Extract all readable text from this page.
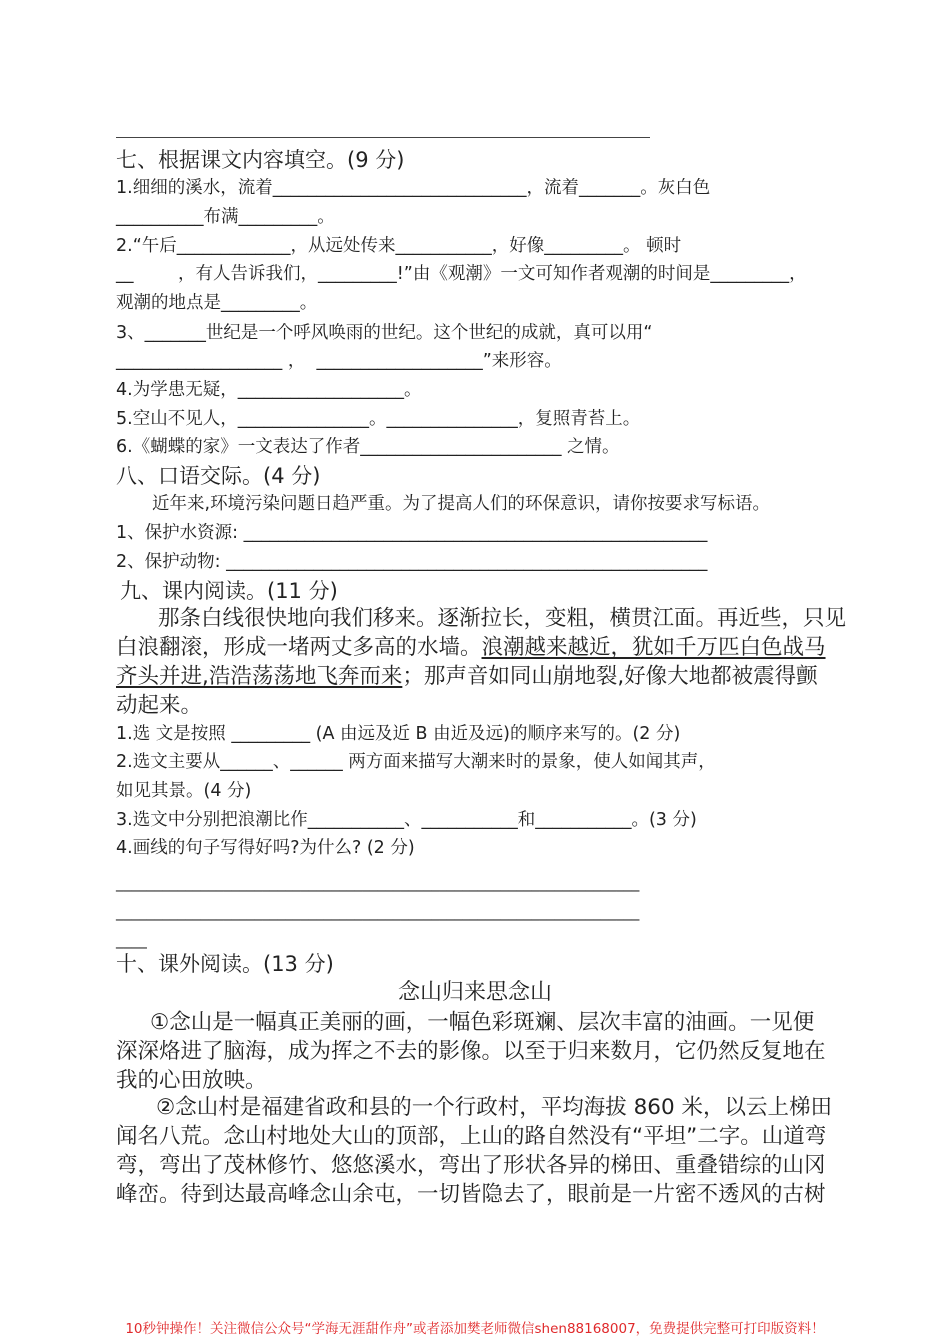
七、根据课文内容填空。(9 分)
1.细细的溪水，流着_____________________________，流着_______。灰白色
__________布满_________。
2.“午后_____________，从远处传来___________，好像_________。 顿时
__        ，有人告诉我们，_________!”由《观潮》一文可知作者观潮的时间是_________，
观潮的地点是_________。
3、_______世纪是一个呼风唤雨的世纪。这个世纪的成就，真可以用“
___________________ ，  ___________________”来形容。
4.为学患无疑，___________________。
5.空山不见人，_______________。_______________，复照青苔上。
6.《蝴蝶的家》一文表达了作者_______________________ 之情。
八、口语交际。(4 分)
近年来,环境污染问题日趋严重。为了提高人们的环保意识，请你按要求写标语。
1、保护水资源: _____________________________________________________
2、保护动物: _______________________________________________________
九、课内阅读。(11 分)
那条白线很快地向我们移来。逐渐拉长，变粗，横贯江面。再近些，只见
白浪翻滚，形成一堵两丈多高的水墙。浪潮越来越近，犹如千万匹白色战马
齐头并进,浩浩荡荡地飞奔而来；那声音如同山崩地裂,好像大地都被震得颤
动起来。
1.选 文是按照 _________ (A 由远及近 B 由近及远)的顺序来写的。(2 分)
2.选文主要从______、______ 两方面来描写大潮来时的景象，使人如闻其声，
如见其景。(4 分)
3.选文中分别把浪潮比作___________、___________和___________。(3 分)
4.画线的句子写得好吗?为什么? (2 分)
____________________________________________________________________
____________________________________________________________________
____
十、课外阅读。(13 分)
念山归来思念山
①念山是一幅真正美丽的画，一幅色彩斑斓、层次丰富的油画。一见便
深深烙进了脑海，成为挥之不去的影像。以至于归来数月，它仍然反复地在
我的心田放映。
②念山村是福建省政和县的一个行政村，平均海拔 860 米，以云上梯田
闻名八荒。念山村地处大山的顶部，上山的路自然没有“平坦”二字。山道弯
弯，弯出了茂林修竹、悠悠溪水，弯出了形状各异的梯田、重叠错综的山冈
峰峦。待到达最高峰念山余屯，一切皆隐去了，眼前是一片密不透风的古树
10秒钟操作！关注微信公众号“学海无涯甜作舟”或者添加樊老师微信shen88168007，免费提供完整可打印版资料！
